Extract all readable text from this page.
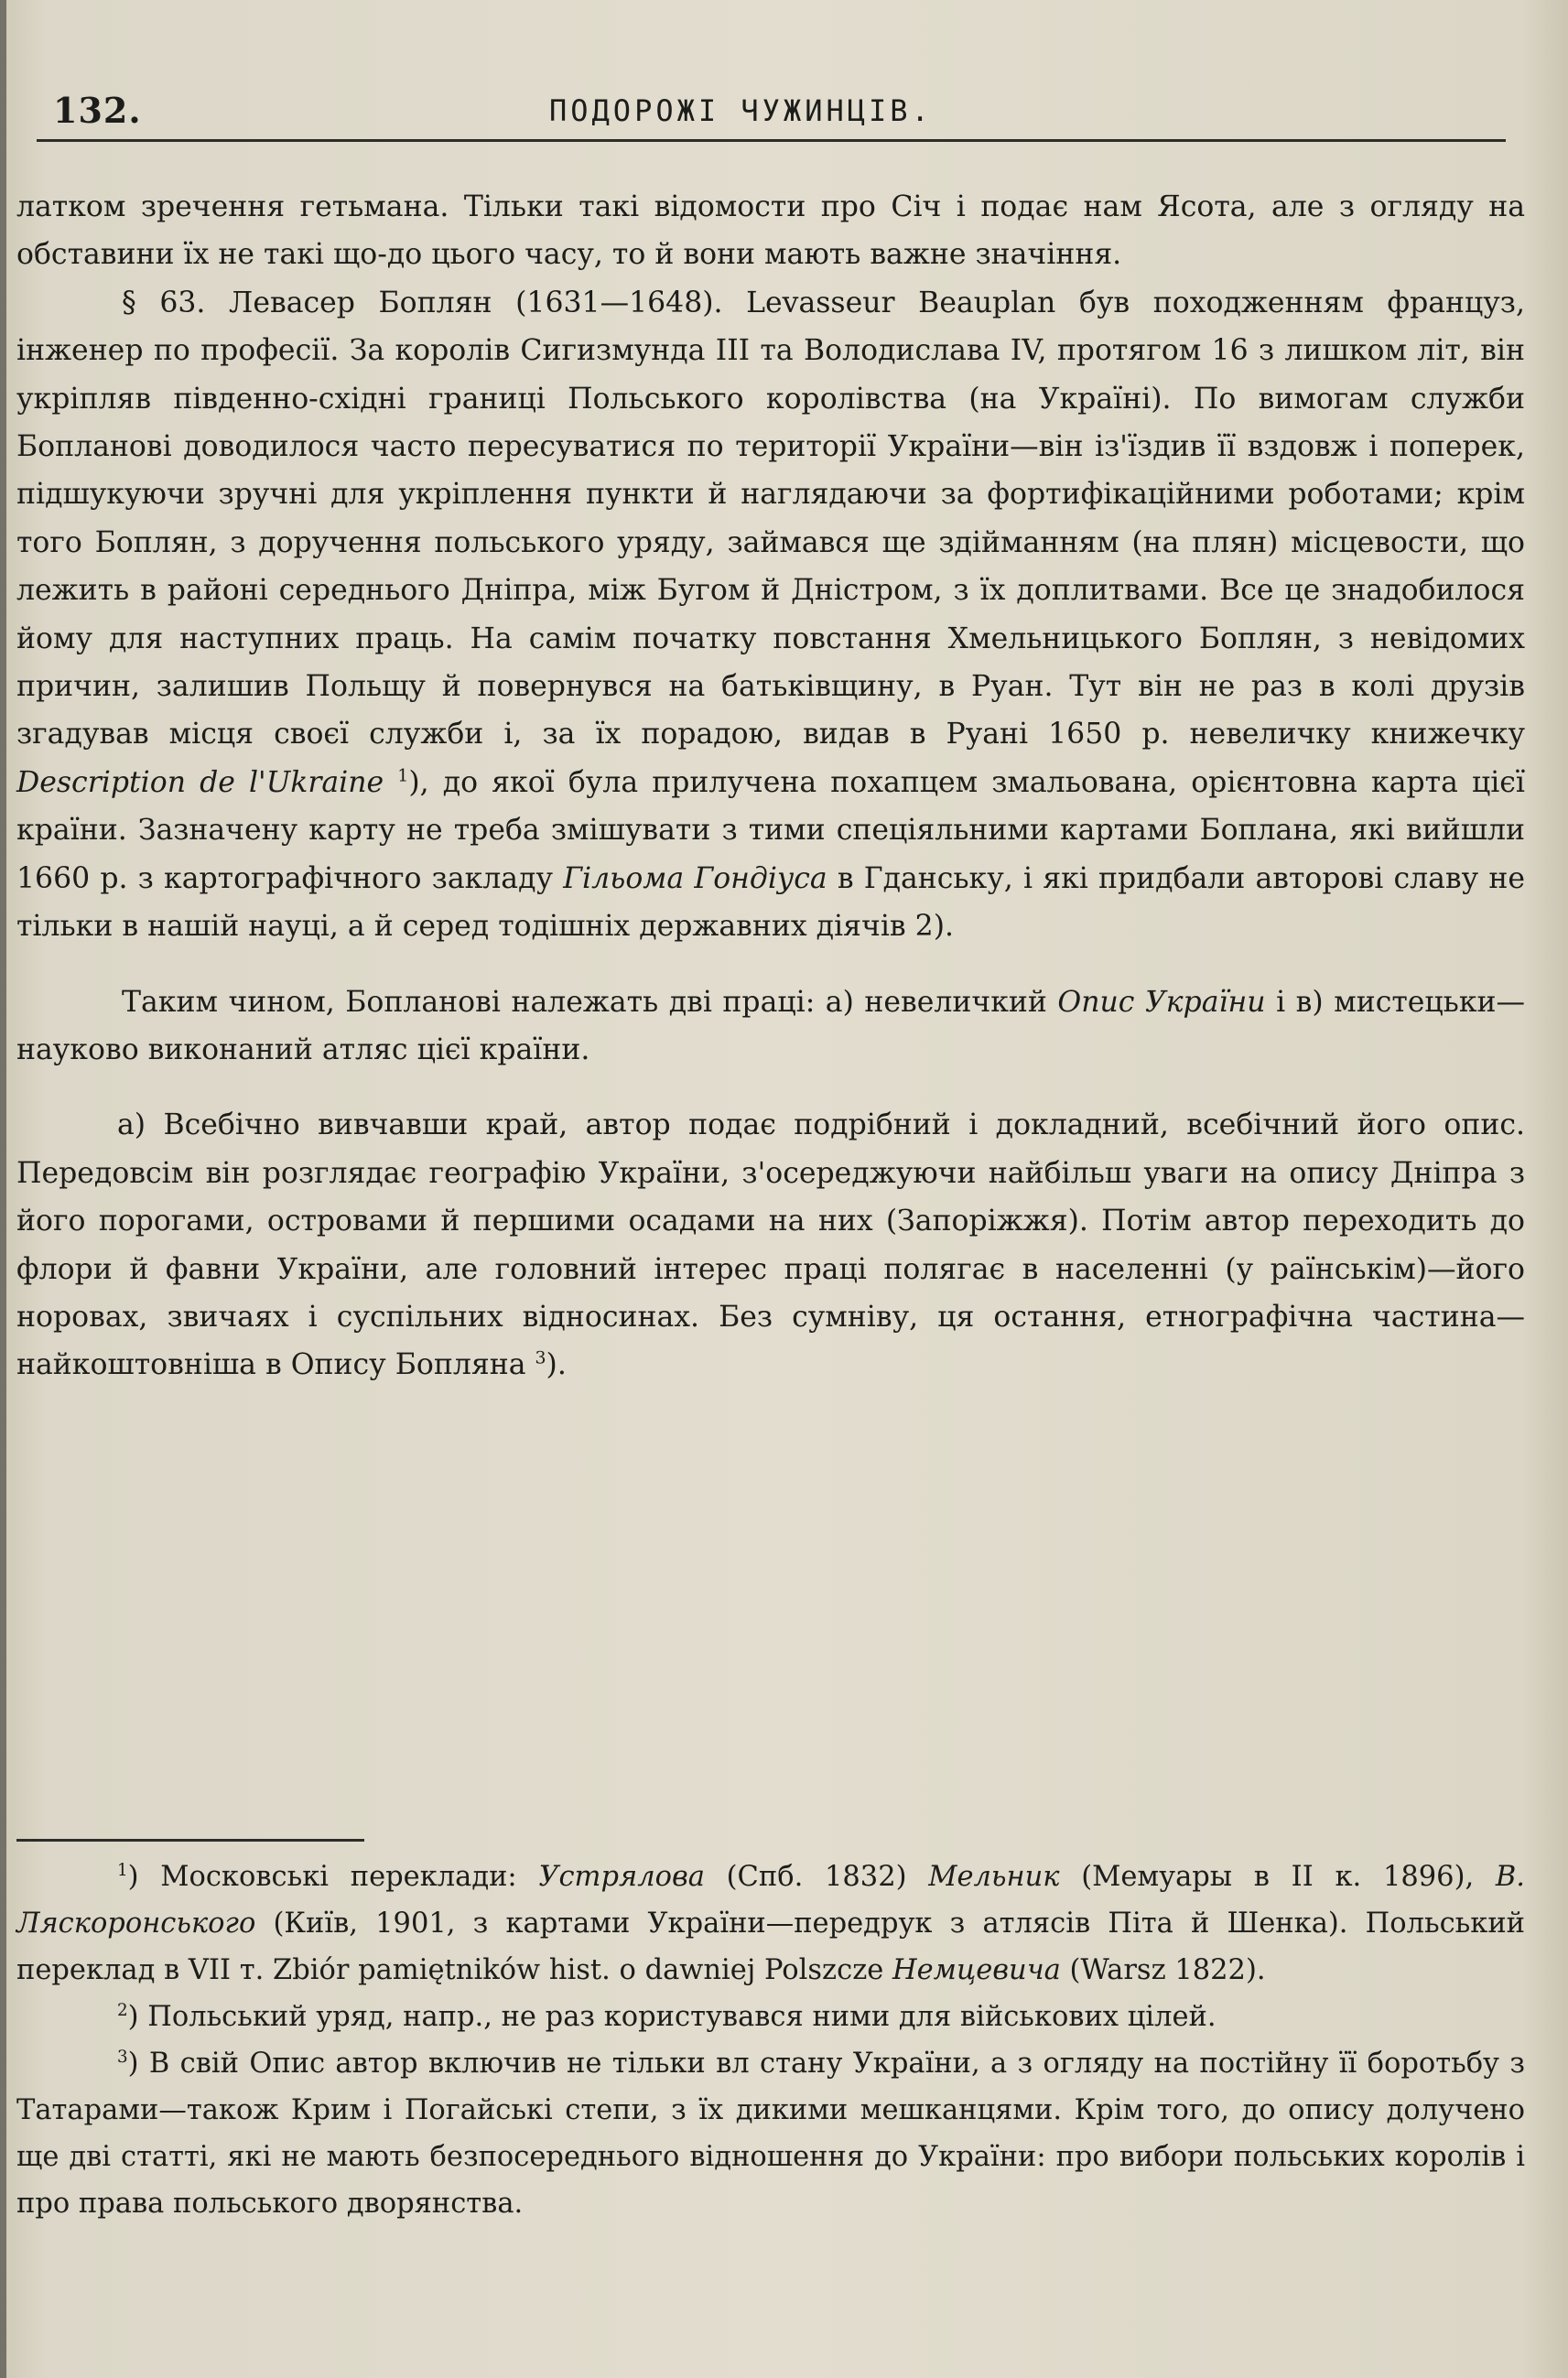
132.	ПОДОРОЖІ ЧУЖИНЦІВ.

латком зречення гетьмана. Тільки такі відомости про Січ і подає нам Ясота, але з огляду на обставини їх не такі що-до цього часу, то й вони мають важне значіння.

§ 63. Левасер Боплян (1631—1648). Levasseur Beauplan був походженням француз, інженер по професії. За королів Сигизмунда III та Володислава IV, протягом 16 з лишком літ, він укріпляв південно-східні границі Польського королівства (на Україні). По вимогам служби Бопланові доводилося часто пересуватися по території України—він із'їздив її вздовж і поперек, підшукуючи зручні для укріплення пункти й наглядаючи за фортифікаційними роботами; крім того Боплян, з доручення польського уряду, займався ще здійманням (на плян) місцевости, що лежить в районі середнього Дніпра, між Бугом й Дністром, з їх доплитвами. Все це знадобилося йому для наступних праць. На самім початку повстання Хмельницького Боплян, з невідомих причин, залишив Польщу й повернувся на батьківщину, в Руан. Тут він не раз в колі друзів згадував місця своєї служби і, за їх порадою, видав в Руані 1650 р. невеличку книжечку Description de l'Ukraine $^1$), до якої була прилучена похапцем змальована, орієнтовна карта цієї країни. Зазначену карту не треба змішувати з тими спеціяльними картами Боплана, які вийшли 1660 р. з картографічного закладу Гільома Гондіуса в Гданську, і які придбали авторові славу не тільки в нашій науці, а й серед тодішніх державних діячів 2).

Таким чином, Бопланові належать дві праці: а) невеличкий Опис України і в) мистецьки—науково виконаний атляс цієї країни.

а) Всебічно вивчавши край, автор подає подрібний і докладний, всебічний його опис. Передовсім він розглядає географію України, з'осереджуючи найбільш уваги на опису Дніпра з його порогами, островами й першими осадами на них (Запоріжжя). Потім автор переходить до флори й фавни України, але головний інтерес праці полягає в населенні (у раїнськім)—його норовах, звичаях і суспільних відносинах. Без сумніву, ця остання, етнографічна частина—найкоштовніша в Опису Бопляна $^3$).

$^1$) Московські переклади: Устрялова (Спб. 1832) Мельник (Мемуары в II к. 1896), В. Ляскоронського (Київ, 1901, з картами України—передрук з атлясів Піта й Шенка). Польський переклад в VII т. Zbiór pamiętników hist. o dawniej Polszcze Немцевича (Warsz 1822).

$^2$) Польський уряд, напр., не раз користувався ними для військових цілей.

$^3$) В свій Опис автор включив не тільки вл стану України, а з огляду на постійну її боротьбу з Татарами—також Крим і Погайські степи, з їх дикими мешканцями. Крім того, до опису долучено ще дві статті, які не мають безпосереднього відношення до України: про вибори польських королів і про права польського дворянства.
